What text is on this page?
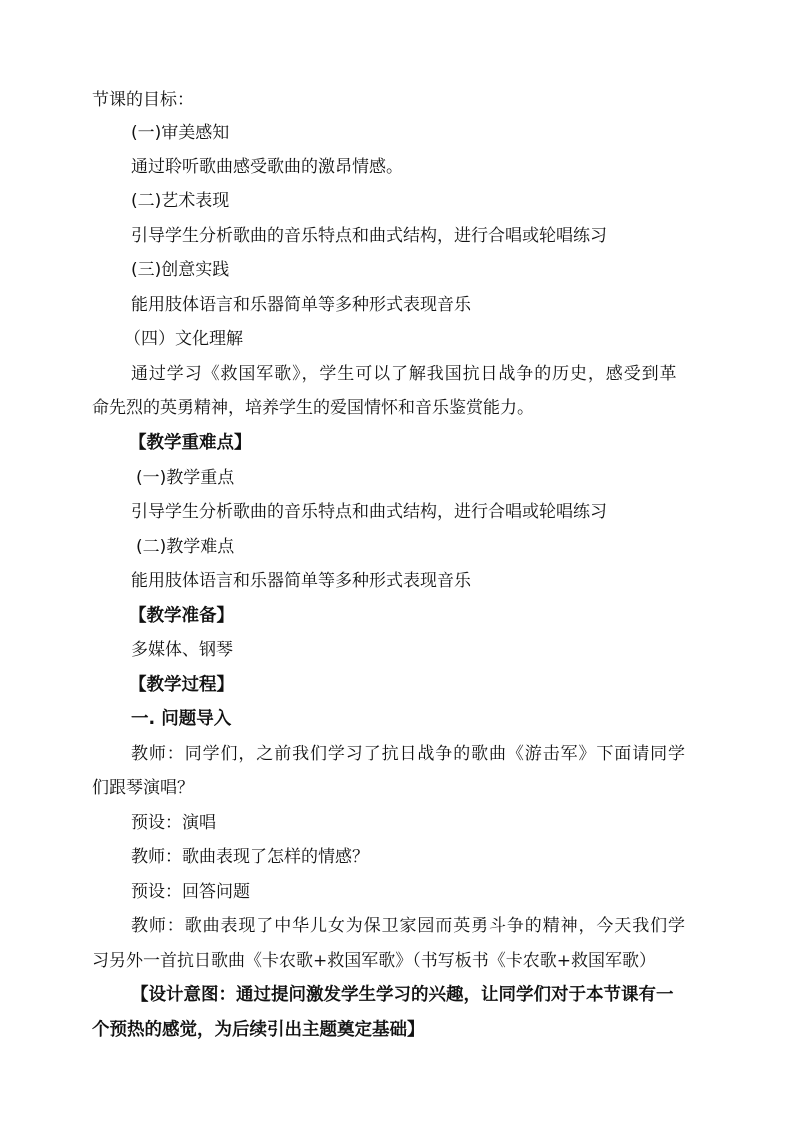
节课的目标：
(一)审美感知
通过聆听歌曲感受歌曲的激昂情感。
(二)艺术表现
引导学生分析歌曲的音乐特点和曲式结构，进行合唱或轮唱练习
(三)创意实践
能用肢体语言和乐器简单等多种形式表现音乐
（四）文化理解
通过学习《救国军歌》，学生可以了解我国抗日战争的历史，感受到革
命先烈的英勇精神，培养学生的爱国情怀和音乐鉴赏能力。
【教学重难点】
(一)教学重点
引导学生分析歌曲的音乐特点和曲式结构，进行合唱或轮唱练习
(二)教学难点
能用肢体语言和乐器简单等多种形式表现音乐
【教学准备】
多媒体、钢琴
【教学过程】
一. 问题导入
教师：同学们，之前我们学习了抗日战争的歌曲《游击军》下面请同学
们跟琴演唱？
预设：演唱
教师：歌曲表现了怎样的情感？
预设：回答问题
教师：歌曲表现了中华儿女为保卫家园而英勇斗争的精神，今天我们学
习另外一首抗日歌曲《卡农歌+救国军歌》（书写板书《卡农歌+救国军歌）
【设计意图：通过提问激发学生学习的兴趣，让同学们对于本节课有一
个预热的感觉，为后续引出主题奠定基础】
